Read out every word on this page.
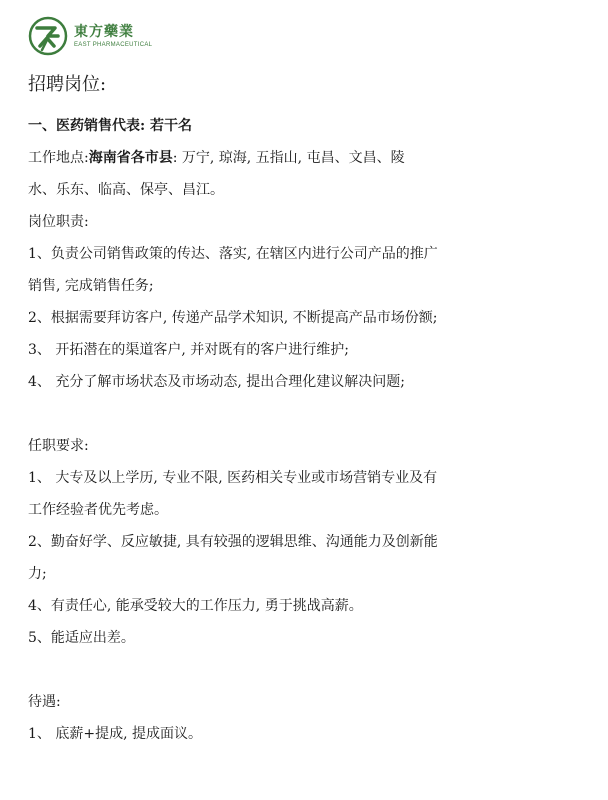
東方藥業
EAST PHARMACEUTICAL
招聘岗位:
一、医药销售代表: 若干名
工作地点:海南省各市县: 万宁, 琼海, 五指山, 屯昌、文昌、陵
水、乐东、临高、保亭、昌江。
岗位职责:
1、负责公司销售政策的传达、落实, 在辖区内进行公司产品的推广
销售, 完成销售任务;
2、根据需要拜访客户, 传递产品学术知识, 不断提高产品市场份额;
3、 开拓潜在的渠道客户, 并对既有的客户进行维护;
4、 充分了解市场状态及市场动态, 提出合理化建议解决问题;
任职要求:
1、 大专及以上学历, 专业不限, 医药相关专业或市场营销专业及有
工作经验者优先考虑。
2、勤奋好学、反应敏捷, 具有较强的逻辑思维、沟通能力及创新能
力;
4、有责任心, 能承受较大的工作压力, 勇于挑战高薪。
5、能适应出差。
待遇:
1、 底薪+提成, 提成面议。
